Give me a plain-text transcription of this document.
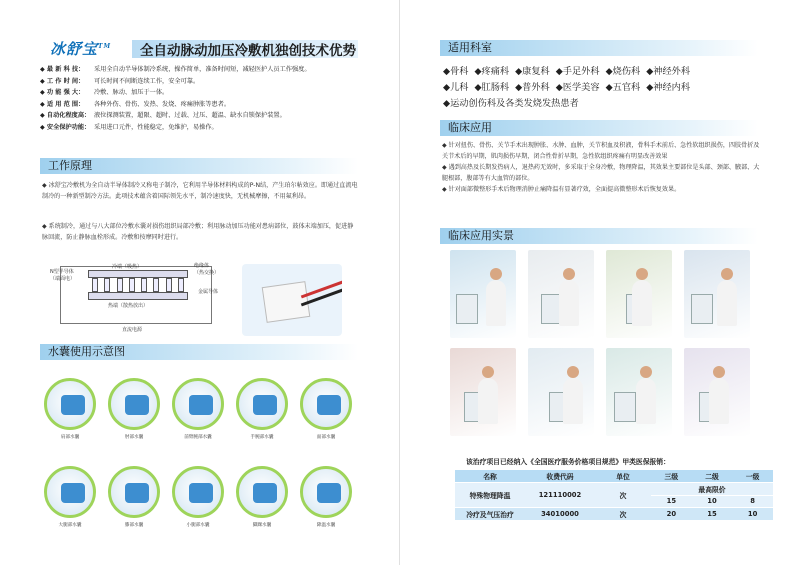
冰舒宝™	全自动脉动加压冷敷机独创技术优势
◆ 最 新 科 技：	采用全自动半导体制冷系统，操作简单，准备时间短，减轻医护人员工作强度。
◆ 工 作 时 间：	可长时间不间断连续工作，安全可靠。
◆ 功 能 强 大：	冷敷、脉动、加压于一体。
◆ 适 用 范 围：	各种外伤、骨伤、发热、发烧、疼痛肿胀等患者。
◆ 自动化程度高： 液位探测装置，超限、超时、过载、过压、超温、缺水自锁保护装置。
◆ 安全保护功能： 采用进口元件，性能稳定，免维护，易操作。
工作原理
◆ 冰舒宝冷敷机为全自动半导体制冷又称电子制冷，它利用半导体材料构成的P-N结，产生珀尔帖效应。即通过直流电制冷的一种新型制冷方法。此项技术蕴含着国际领先水平，制冷速度快，无机械摩擦，不用氟利昂。
◆ 系统制冷，通过与八大部位冷敷水囊对损伤组织局部冷敷；利用脉动加压功能对患病部位，鼓体末端加压，促进静脉回流，防止静脉血栓形成。冷敷和按摩同时进行。
N型半导体
（端面电）
冷端（吸热）	绝缘体
（热交换）
金属导体
热端（散热放出）
直流电源
水囊使用示意图
肩部水囊	肘部水囊	前臂腕部水囊	手腕部水囊	面部水囊
大腿部水囊	膝部水囊	小腿部水囊	脚踝水囊	降温水囊
适用科室
◆骨科 ◆疼痛科 ◆康复科 ◆手足外科 ◆烧伤科 ◆神经外科
◆儿科 ◆肛肠科 ◆普外科 ◆医学美容 ◆五官科 ◆神经内科
◆运动创伤科及各类发烧发热患者
临床应用
◆ 针对扭伤、骨伤、关节手术出现肿胀、水肿、血肿，关节积血及积液，骨科手术前后、急性软组织损伤，四肢骨折及关节术后的早期，肌肉损伤早期，闭合性骨折早期，急性软组织疼痛有明显改善效果
◆ 遇到高热及长期发热病人，退热药无效时，多采取于全身冷敷，物理降温，其效果主要部位是头部、颈部、腋部、大腿根部，腹部等有大血管的部位。
◆ 针对面部微整形手术后物理消肿止痛降温有显著疗效，全面提高微整形术后恢复效果。
临床应用实景
该治疗项目已经纳入《全国医疗服务价格项目规范》甲类医保报销：
名称	收费代码	单位	三级	二级	一级
特殊物理降温	121110002	次	最高限价		
			15	10	8
冷疗及气压治疗	34010000	次	20	15	10
